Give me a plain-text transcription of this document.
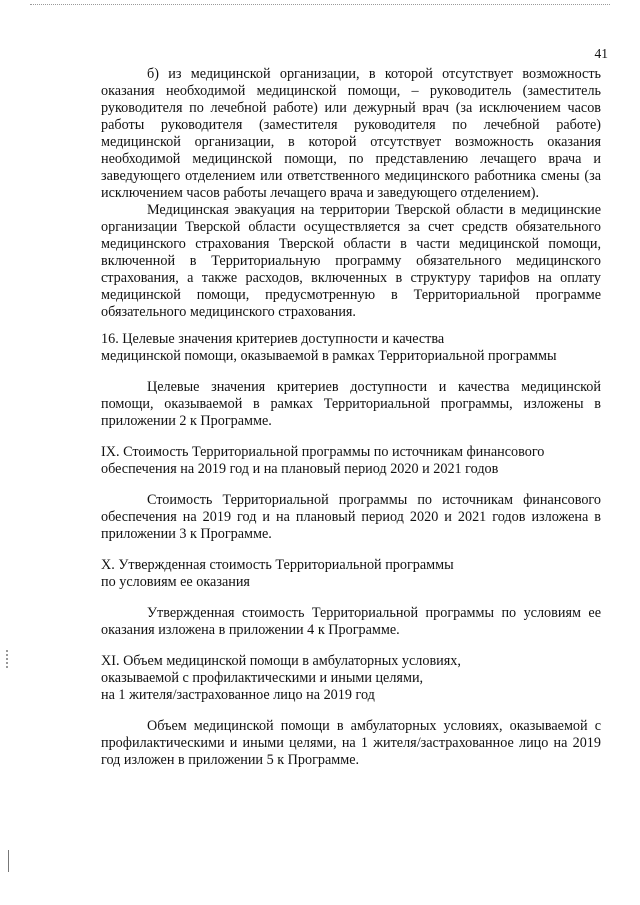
41

б) из медицинской организации, в которой отсутствует возможность оказания необходимой медицинской помощи, – руководитель (заместитель руководителя по лечебной работе) или дежурный врач (за исключением часов работы руководителя (заместителя руководителя по лечебной работе) медицинской организации, в которой отсутствует возможность оказания необходимой медицинской помощи, по представлению лечащего врача и заведующего отделением или ответственного медицинского работника смены (за исключением часов работы лечащего врача и заведующего отделением).

Медицинская эвакуация на территории Тверской области в медицинские организации Тверской области осуществляется за счет средств обязательного медицинского страхования Тверской области в части медицинской помощи, включенной в Территориальную программу обязательного медицинского страхования, а также расходов, включенных в структуру тарифов на оплату медицинской помощи, предусмотренную в Территориальной программе обязательного медицинского страхования.

16. Целевые значения критериев доступности и качества

медицинской помощи, оказываемой в рамках Территориальной программы

Целевые значения критериев доступности и качества медицинской помощи, оказываемой в рамках Территориальной программы, изложены в приложении 2 к Программе.

IX. Стоимость Территориальной программы по источникам финансового

обеспечения на 2019 год и на плановый период 2020 и 2021 годов

Стоимость Территориальной программы по источникам финансового обеспечения на 2019 год и на плановый период 2020 и 2021 годов изложена в приложении 3 к Программе.

X. Утвержденная стоимость Территориальной программы

по условиям ее оказания

Утвержденная стоимость Территориальной программы по условиям ее оказания изложена в приложении 4 к Программе.

XI. Объем медицинской помощи в амбулаторных условиях,

оказываемой с профилактическими и иными целями,

на 1 жителя/застрахованное лицо на 2019 год

Объем медицинской помощи в амбулаторных условиях, оказываемой с профилактическими и иными целями, на 1 жителя/застрахованное лицо на 2019 год изложен в приложении 5 к Программе.
